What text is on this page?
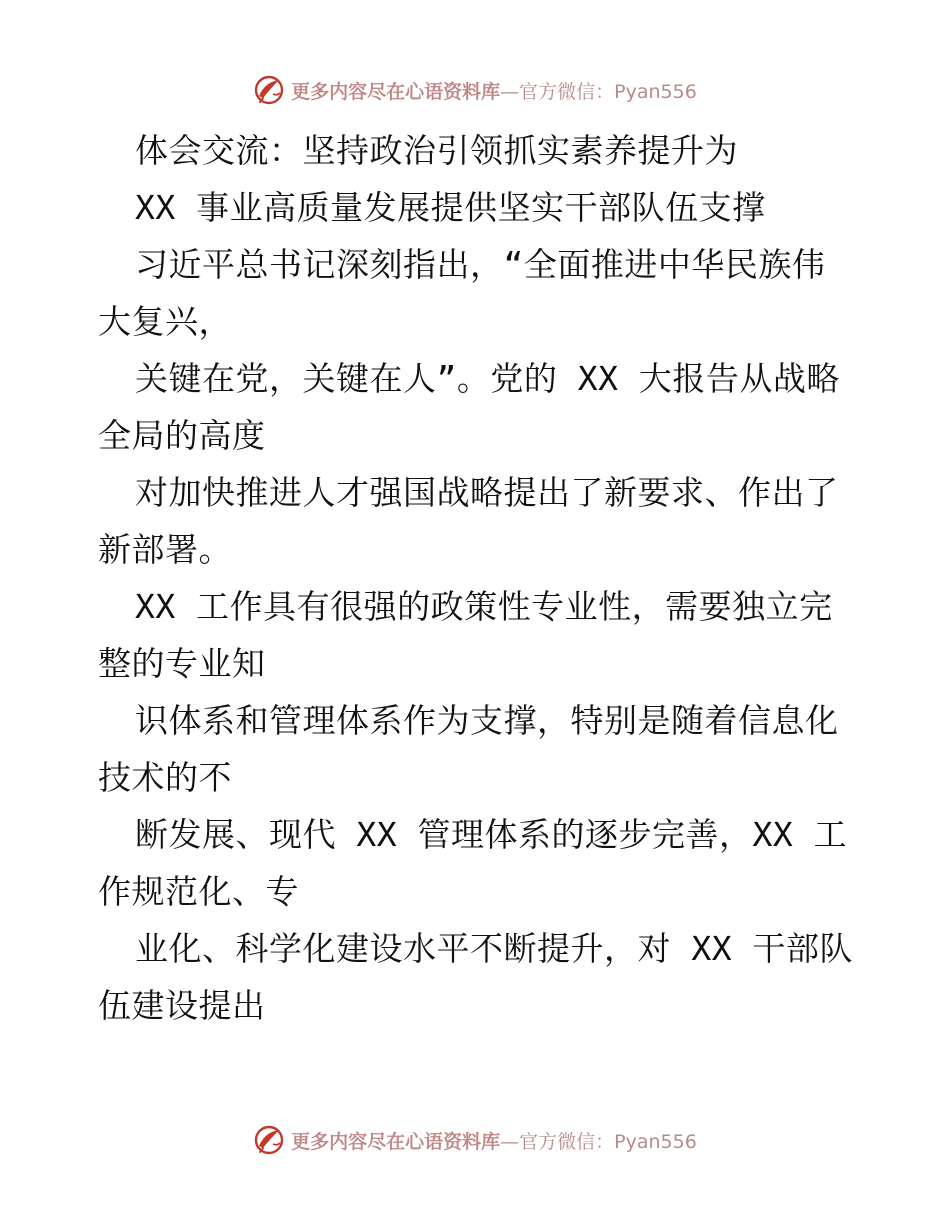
更多内容尽在心语资料库—官方微信：Pyan556
体会交流：坚持政治引领抓实素养提升为
XX 事业高质量发展提供坚实干部队伍支撑
习近平总书记深刻指出，“全面推进中华民族伟
大复兴，
关键在党，关键在人”。党的 XX 大报告从战略
全局的高度
对加快推进人才强国战略提出了新要求、作出了
新部署。
XX 工作具有很强的政策性专业性，需要独立完
整的专业知
识体系和管理体系作为支撑，特别是随着信息化
技术的不
断发展、现代 XX 管理体系的逐步完善，XX 工
作规范化、专
业化、科学化建设水平不断提升，对 XX 干部队
伍建设提出
更多内容尽在心语资料库—官方微信：Pyan556
